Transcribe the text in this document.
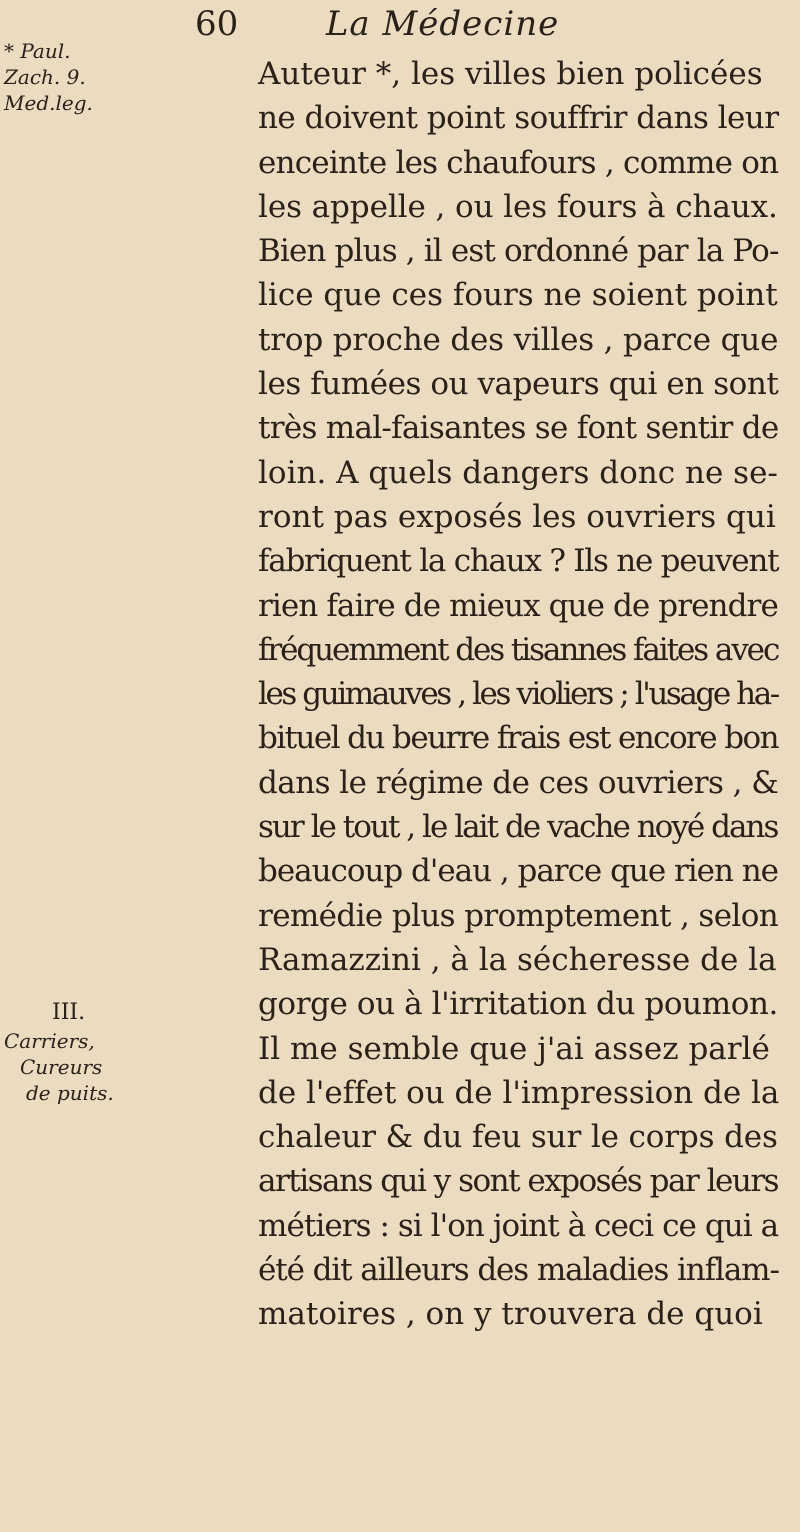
60	La Médecine
* Paul.
Zach. 9.
Med.leg.
III.
Carriers,
Cureurs
de puits.
Auteur *, les villes bien policées
ne doivent point souffrir dans leur
enceinte les chaufours , comme on
les appelle , ou les fours à chaux.
Bien plus , il est ordonné par la Po-
lice que ces fours ne soient point
trop proche des villes , parce que
les fumées ou vapeurs qui en sont
très mal-faisantes se font sentir de
loin. A quels dangers donc ne se-
ront pas exposés les ouvriers qui
fabriquent la chaux ? Ils ne peuvent
rien faire de mieux que de prendre
fréquemment des tisannes faites avec
les guimauves , les violiers ; l'usage ha-
bituel du beurre frais est encore bon
dans le régime de ces ouvriers , &
sur le tout , le lait de vache noyé dans
beaucoup d'eau , parce que rien ne
remédie plus promptement , selon
Ramazzini , à la sécheresse de la
gorge ou à l'irritation du poumon.
Il me semble que j'ai assez parlé
de l'effet ou de l'impression de la
chaleur & du feu sur le corps des
artisans qui y sont exposés par leurs
métiers : si l'on joint à ceci ce qui a
été dit ailleurs des maladies inflam-
matoires , on y trouvera de quoi
